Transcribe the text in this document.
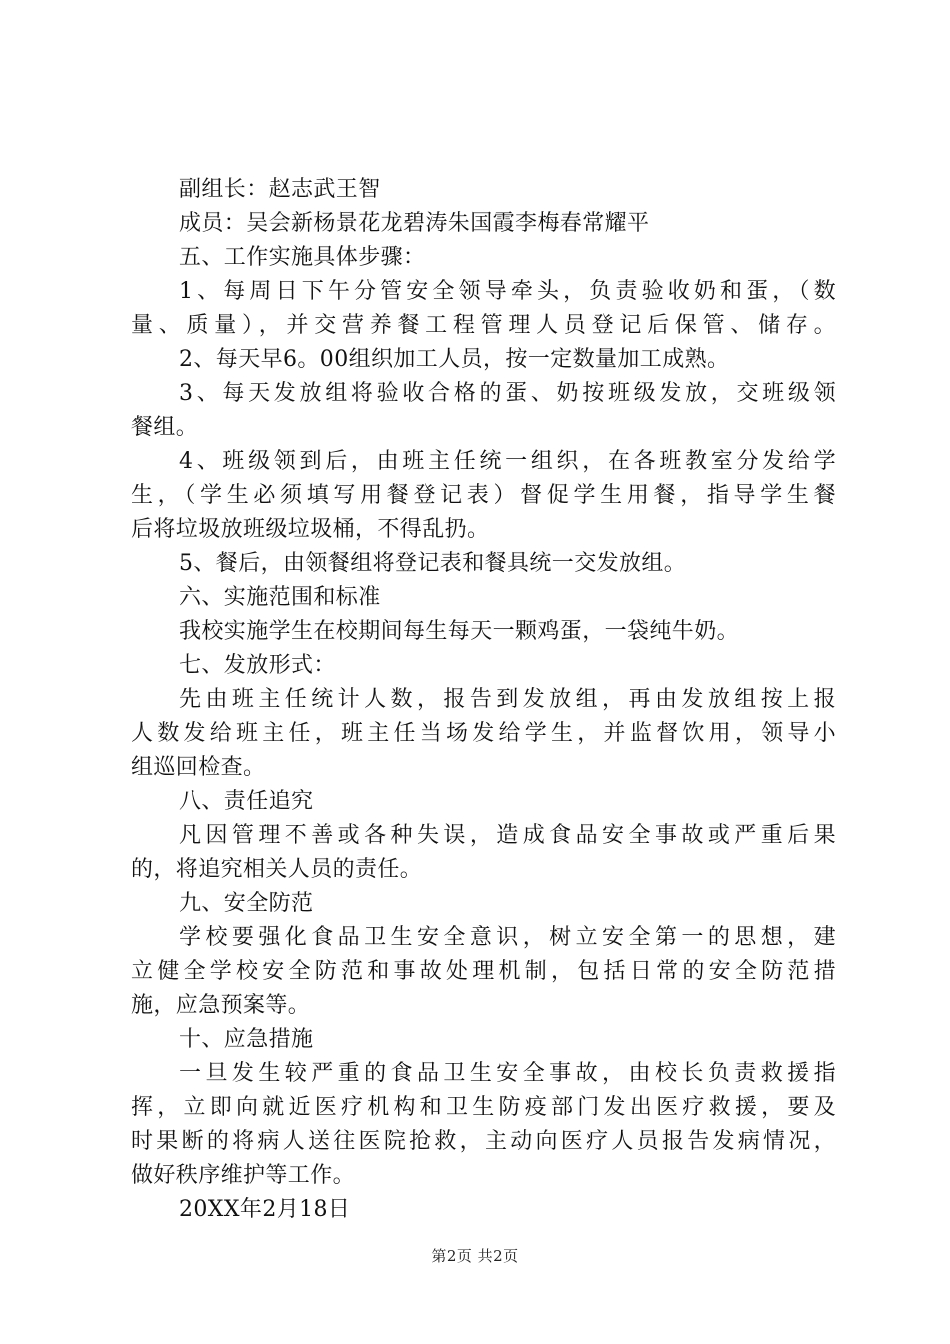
副组长：赵志武王智
成员：吴会新杨景花龙碧涛朱国霞李梅春常耀平
五、工作实施具体步骤：
1、每周日下午分管安全领导牵头，负责验收奶和蛋，（数
量、质量），并交营养餐工程管理人员登记后保管、储存。
2、每天早6。00组织加工人员，按一定数量加工成熟。
3、每天发放组将验收合格的蛋、奶按班级发放，交班级领
餐组。
4、班级领到后，由班主任统一组织，在各班教室分发给学
生，（学生必须填写用餐登记表）督促学生用餐，指导学生餐
后将垃圾放班级垃圾桶，不得乱扔。
5、餐后，由领餐组将登记表和餐具统一交发放组。
六、实施范围和标准
我校实施学生在校期间每生每天一颗鸡蛋，一袋纯牛奶。
七、发放形式：
先由班主任统计人数，报告到发放组，再由发放组按上报
人数发给班主任，班主任当场发给学生，并监督饮用，领导小
组巡回检查。
八、责任追究
凡因管理不善或各种失误，造成食品安全事故或严重后果
的，将追究相关人员的责任。
九、安全防范
学校要强化食品卫生安全意识，树立安全第一的思想，建
立健全学校安全防范和事故处理机制，包括日常的安全防范措
施，应急预案等。
十、应急措施
一旦发生较严重的食品卫生安全事故，由校长负责救援指
挥，立即向就近医疗机构和卫生防疫部门发出医疗救援，要及
时果断的将病人送往医院抢救，主动向医疗人员报告发病情况，
做好秩序维护等工作。
20XX年2月18日
第2页 共2页
